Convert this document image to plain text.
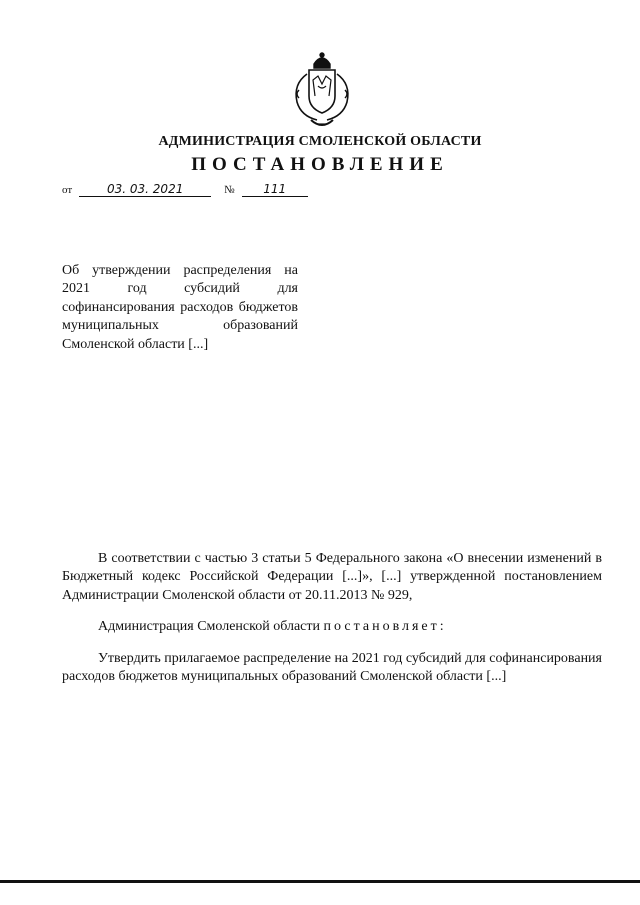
АДМИНИСТРАЦИЯ СМОЛЕНСКОЙ ОБЛАСТИ
ПОСТАНОВЛЕНИЕ
от	03. 03. 2021	№ 111
Об утверждении распределения на 2021 год субсидий для софинансирования расходов бюджетов муниципальных образований Смоленской области [...]

В соответствии с частью 3 статьи 5 Федерального закона «О внесении изменений в Бюджетный кодекс Российской Федерации [...]», [...] утвержденной постановлением Администрации Смоленской области от 20.11.2013 № 929,

Администрация Смоленской области постановляет:

Утвердить прилагаемое распределение на 2021 год субсидий для софинансирования расходов бюджетов муниципальных образований Смоленской области [...]
